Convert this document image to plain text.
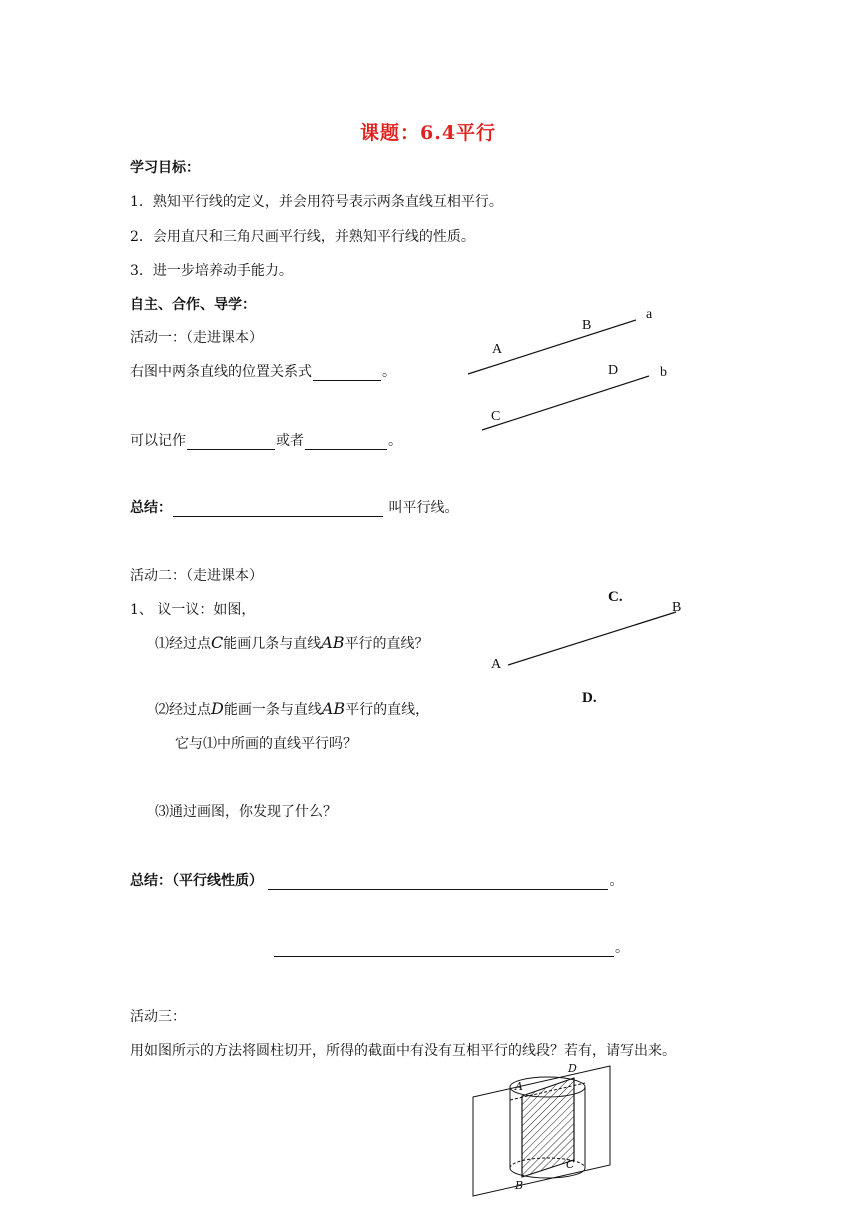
课题：6.4平行
学习目标：
1．熟知平行线的定义，并会用符号表示两条直线互相平行。
2．会用直尺和三角尺画平行线，并熟知平行线的性质。
3．进一步培养动手能力。
自主、合作、导学：
活动一：（走进课本）
右图中两条直线的位置关系式	。
可以记作	或者	。
A
B
a
D	b
C
总结：	叫平行线。
活动二：（走进课本）
1、 议一议：如图，
⑴经过点C能画几条与直线AB平行的直线？
⑵经过点D能画一条与直线AB平行的直线，
它与⑴中所画的直线平行吗？
⑶通过画图，你发现了什么？
A
B
C.
D.
总结：（平行线性质）	。
。
活动三：
用如图所示的方法将圆柱切开，所得的截面中有没有互相平行的线段？若有，请写出来。
A
B
C
D
